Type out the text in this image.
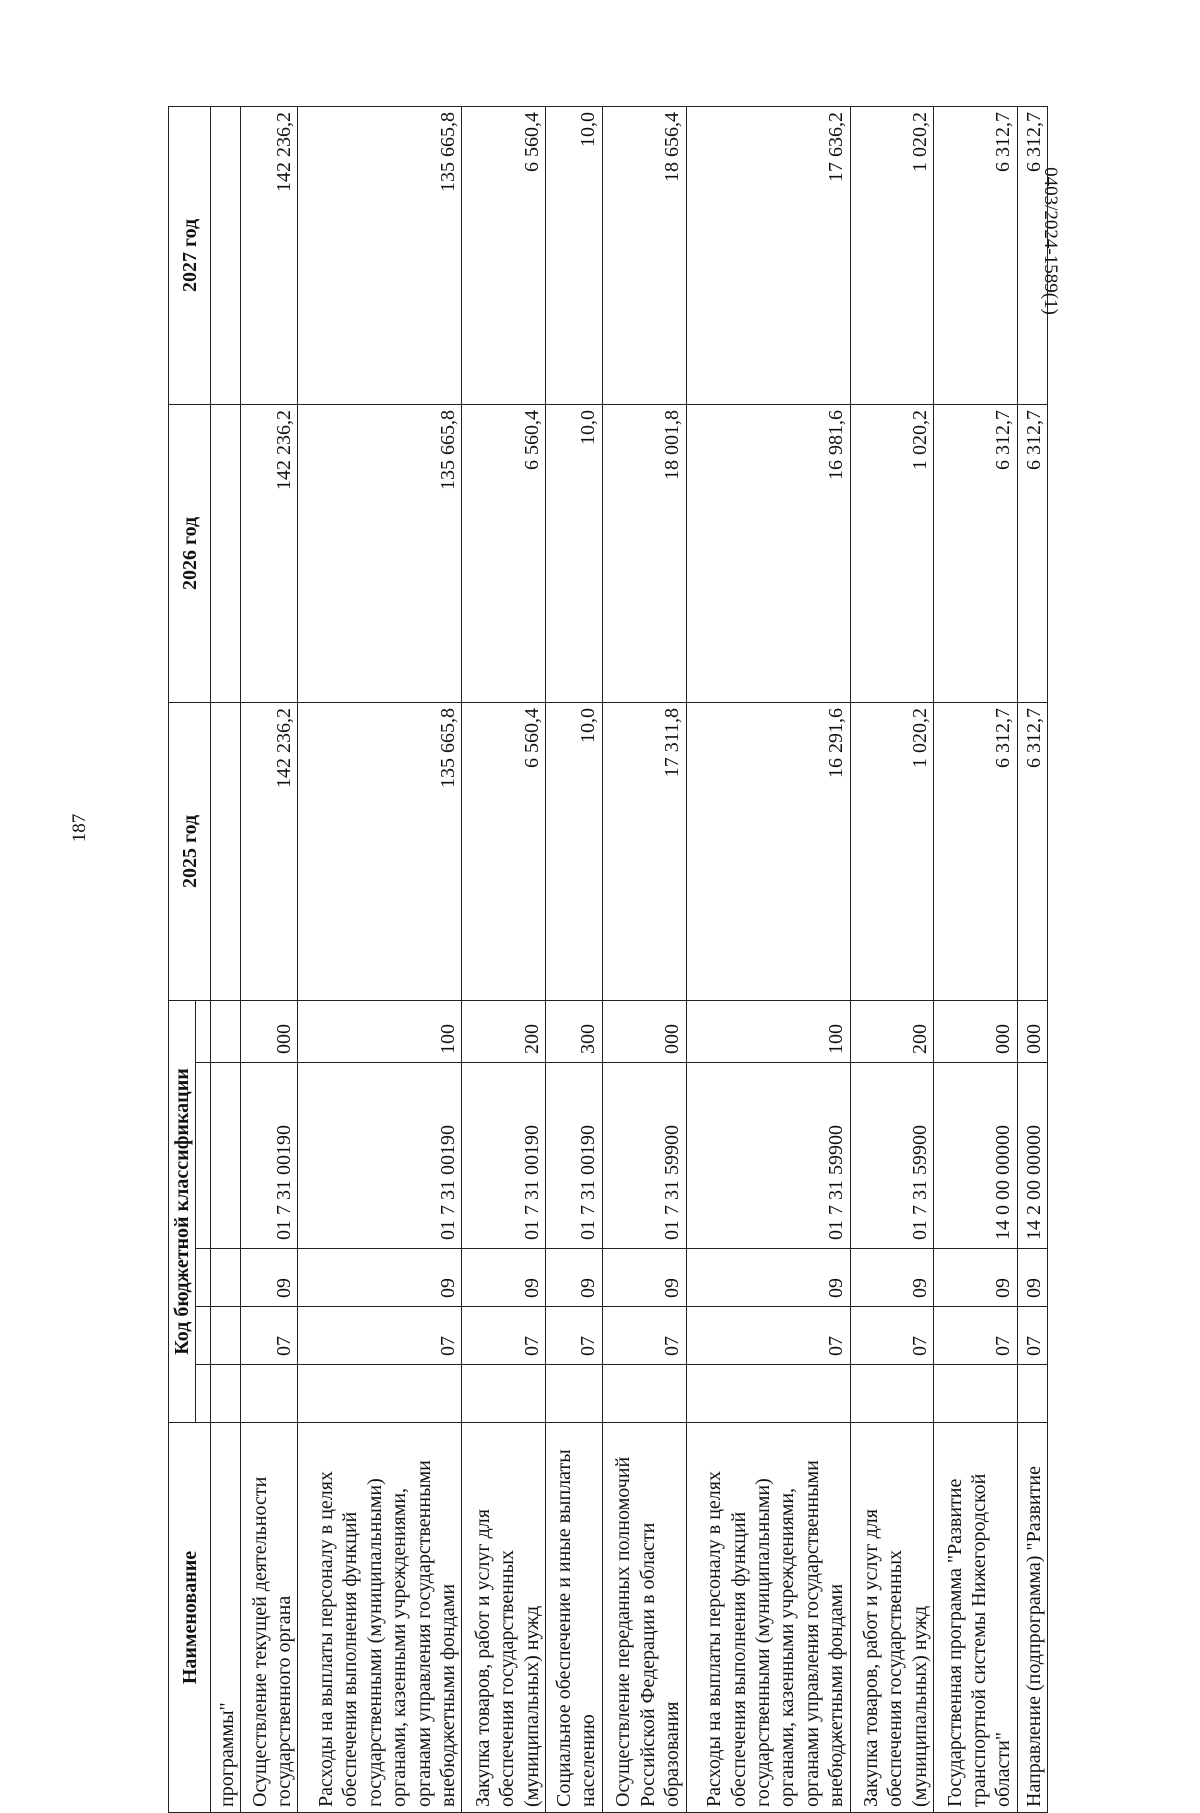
187
0403/2024-1589(1)
Наименование	Код бюджетной классификации					2025 год	2026 год	2027 год

программы"								
Осуществление текущей деятельности государственного органа		07	09	01 7 31 00190	000	142 236,2	142 236,2	142 236,2
Расходы на выплаты персоналу в целях обеспечения выполнения функций государственными (муниципальными) органами, казенными учреждениями, органами управления государственными внебюджетными фондами		07	09	01 7 31 00190	100	135 665,8	135 665,8	135 665,8
Закупка товаров, работ и услуг для обеспечения государственных (муниципальных) нужд		07	09	01 7 31 00190	200	6 560,4	6 560,4	6 560,4
Социальное обеспечение и иные выплаты населению		07	09	01 7 31 00190	300	10,0	10,0	10,0
Осуществление переданных полномочий Российской Федерации в области образования		07	09	01 7 31 59900	000	17 311,8	18 001,8	18 656,4
Расходы на выплаты персоналу в целях обеспечения выполнения функций государственными (муниципальными) органами, казенными учреждениями, органами управления государственными внебюджетными фондами		07	09	01 7 31 59900	100	16 291,6	16 981,6	17 636,2
Закупка товаров, работ и услуг для обеспечения государственных (муниципальных) нужд		07	09	01 7 31 59900	200	1 020,2	1 020,2	1 020,2
Государственная программа "Развитие транспортной системы Нижегородской области"		07	09	14 0 00 00000	000	6 312,7	6 312,7	6 312,7
Направление (подпрограмма) "Развитие		07	09	14 2 00 00000	000	6 312,7	6 312,7	6 312,7
